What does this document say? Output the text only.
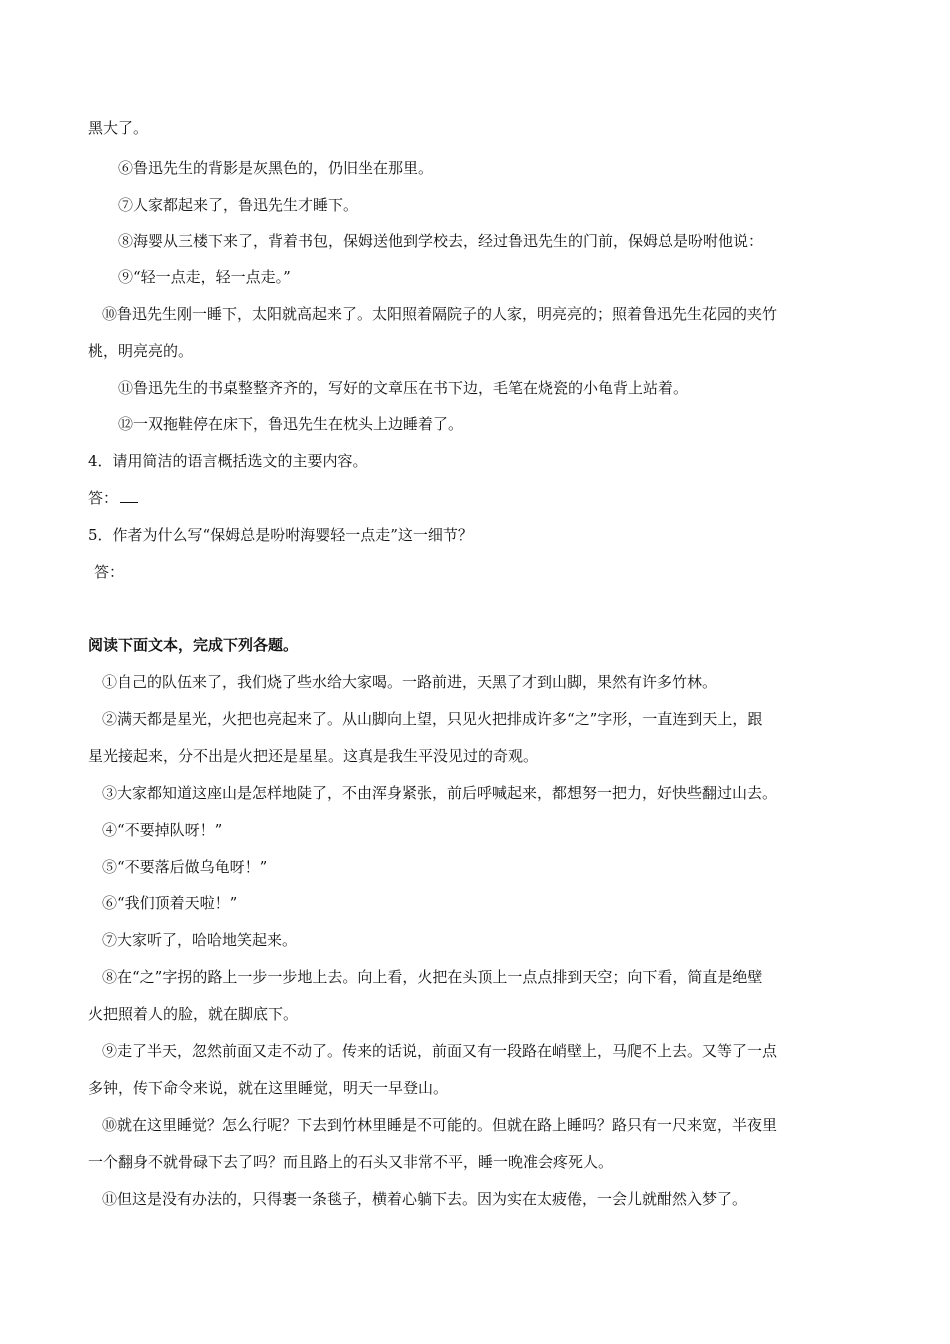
黑大了。
⑥鲁迅先生的背影是灰黑色的，仍旧坐在那里。
⑦人家都起来了，鲁迅先生才睡下。
⑧海婴从三楼下来了，背着书包，保姆送他到学校去，经过鲁迅先生的门前，保姆总是吩咐他说：
⑨“轻一点走，轻一点走。”
⑩鲁迅先生刚一睡下，太阳就高起来了。太阳照着隔院子的人家，明亮亮的；照着鲁迅先生花园的夹竹
桃，明亮亮的。
⑪鲁迅先生的书桌整整齐齐的，写好的文章压在书下边，毛笔在烧瓷的小龟背上站着。
⑫一双拖鞋停在床下，鲁迅先生在枕头上边睡着了。
4．请用简洁的语言概括选文的主要内容。
答：
5．作者为什么写“保姆总是吩咐海婴轻一点走”这一细节？
答：
阅读下面文本，完成下列各题。
①自己的队伍来了，我们烧了些水给大家喝。一路前进，天黑了才到山脚，果然有许多竹林。
②满天都是星光，火把也亮起来了。从山脚向上望，只见火把排成许多“之”字形，一直连到天上，跟
星光接起来，分不出是火把还是星星。这真是我生平没见过的奇观。
③大家都知道这座山是怎样地陡了，不由浑身紧张，前后呼喊起来，都想努一把力，好快些翻过山去。
④“不要掉队呀！”
⑤“不要落后做乌龟呀！”
⑥“我们顶着天啦！”
⑦大家听了，哈哈地笑起来。
⑧在“之”字拐的路上一步一步地上去。向上看，火把在头顶上一点点排到天空；向下看，简直是绝壁
火把照着人的脸，就在脚底下。
⑨走了半天，忽然前面又走不动了。传来的话说，前面又有一段路在峭壁上，马爬不上去。又等了一点
多钟，传下命令来说，就在这里睡觉，明天一早登山。
⑩就在这里睡觉？怎么行呢？下去到竹林里睡是不可能的。但就在路上睡吗？路只有一尺来宽，半夜里
一个翻身不就骨碌下去了吗？而且路上的石头又非常不平，睡一晚准会疼死人。
⑪但这是没有办法的，只得裹一条毯子，横着心躺下去。因为实在太疲倦，一会儿就酣然入梦了。
